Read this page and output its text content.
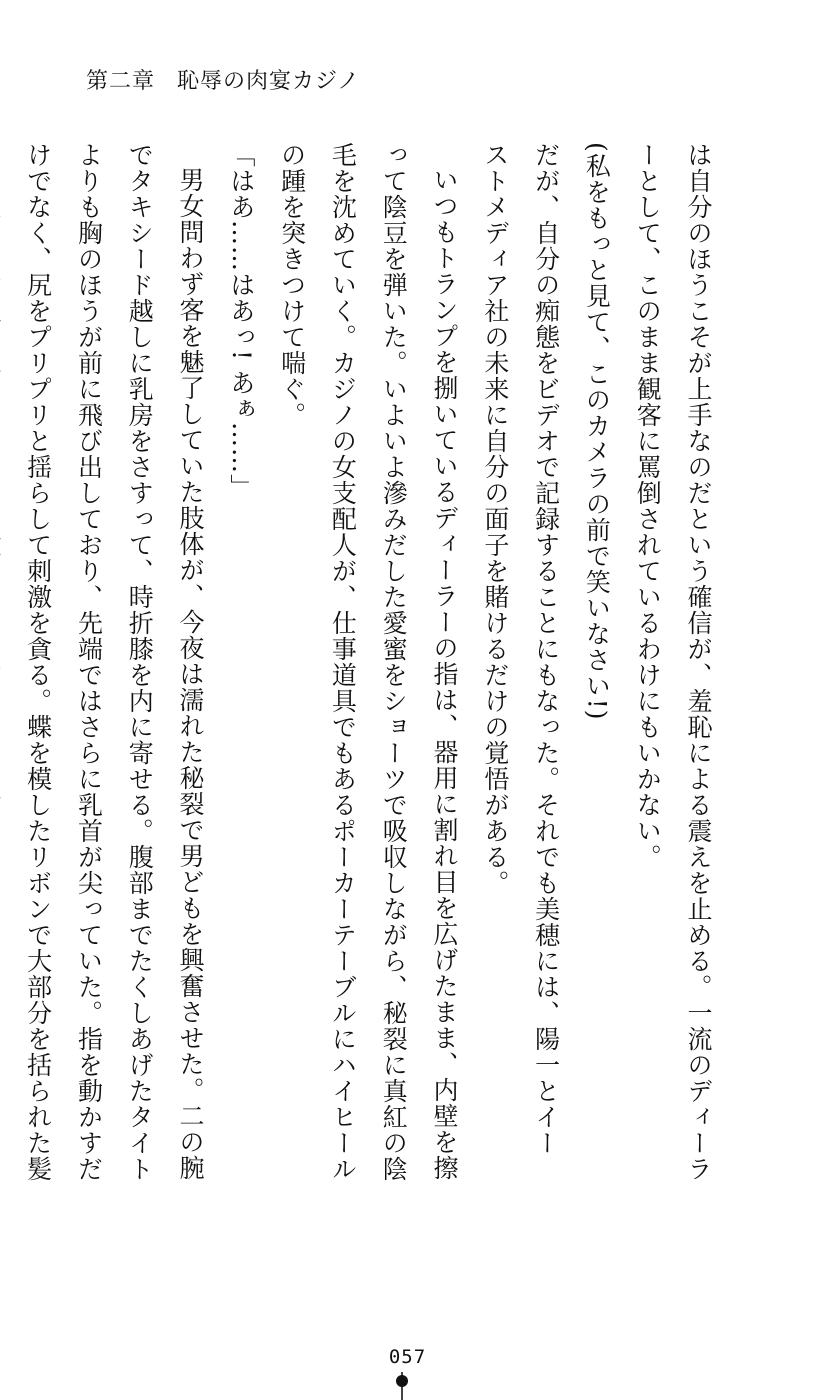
第二章 恥辱の肉宴カジノ

は自分のほうこそが上手なのだという確信が、羞恥による震えを止める。一流のディーラ

ーとして、このまま観客に罵倒されているわけにもいかない。

(私をもっと見て、このカメラの前で笑いなさい!)

だが、自分の痴態をビデオで記録することにもなった。それでも美穂には、陽一とイー

ストメディア社の未来に自分の面子を賭けるだけの覚悟がある。

いつもトランプを捌いているディーラーの指は、器用に割れ目を広げたまま、内壁を擦

って陰豆を弾いた。いよいよ滲みだした愛蜜をショーツで吸収しながら、秘裂に真紅の陰

毛を沈めていく。カジノの女支配人が、仕事道具でもあるポーカーテーブルにハイヒール

の踵を突きつけて喘ぐ。

「はあ……はあっ! あぁ……」

男女問わず客を魅了していた肢体が、今夜は濡れた秘裂で男どもを興奮させた。二の腕

でタキシード越しに乳房をさすって、時折膝を内に寄せる。腹部までたくしあげたタイト

よりも胸のほうが前に飛び出しており、先端ではさらに乳首が尖っていた。指を動かすだ

けでなく、尻をプリプリと揺らして刺激を貪る。蝶を模したリボンで大部分を括られた髪

057
